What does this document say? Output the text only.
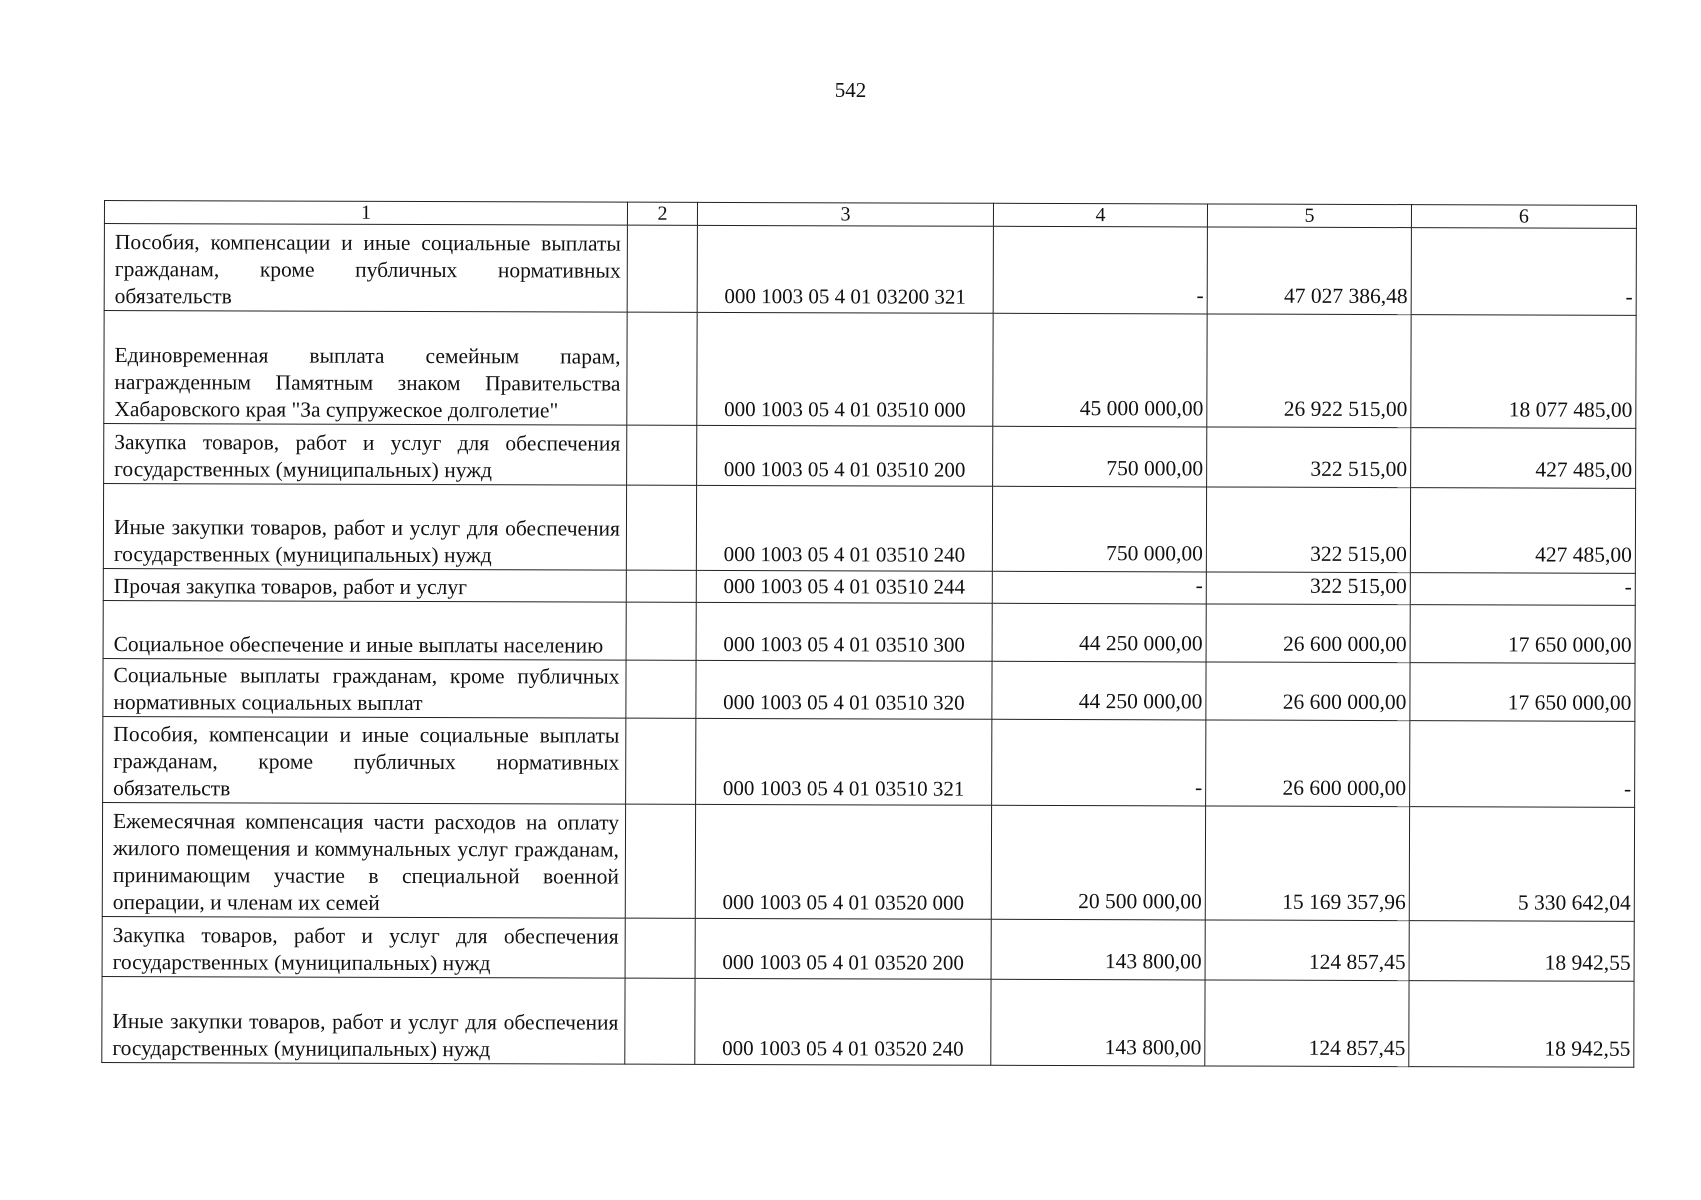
542
1	2	3	4	5	6
Пособия, компенсации и иные социальные выплаты гражданам, кроме публичных нормативных обязательств		000 1003 05 4 01 03200 321	-	47 027 386,48	-
Единовременная выплата семейным парам, награжденным Памятным знаком Правительства Хабаровского края "За супружеское долголетие"		000 1003 05 4 01 03510 000	45 000 000,00	26 922 515,00	18 077 485,00
Закупка товаров, работ и услуг для обеспечения государственных (муниципальных) нужд		000 1003 05 4 01 03510 200	750 000,00	322 515,00	427 485,00
Иные закупки товаров, работ и услуг для обеспечения государственных (муниципальных) нужд		000 1003 05 4 01 03510 240	750 000,00	322 515,00	427 485,00
Прочая закупка товаров, работ и услуг		000 1003 05 4 01 03510 244	-	322 515,00	-
Социальное обеспечение и иные выплаты населению		000 1003 05 4 01 03510 300	44 250 000,00	26 600 000,00	17 650 000,00
Социальные выплаты гражданам, кроме публичных нормативных социальных выплат		000 1003 05 4 01 03510 320	44 250 000,00	26 600 000,00	17 650 000,00
Пособия, компенсации и иные социальные выплаты гражданам, кроме публичных нормативных обязательств		000 1003 05 4 01 03510 321	-	26 600 000,00	-
Ежемесячная компенсация части расходов на оплату жилого помещения и коммунальных услуг гражданам, принимающим участие в специальной военной операции, и членам их семей		000 1003 05 4 01 03520 000	20 500 000,00	15 169 357,96	5 330 642,04
Закупка товаров, работ и услуг для обеспечения государственных (муниципальных) нужд		000 1003 05 4 01 03520 200	143 800,00	124 857,45	18 942,55
Иные закупки товаров, работ и услуг для обеспечения государственных (муниципальных) нужд		000 1003 05 4 01 03520 240	143 800,00	124 857,45	18 942,55
